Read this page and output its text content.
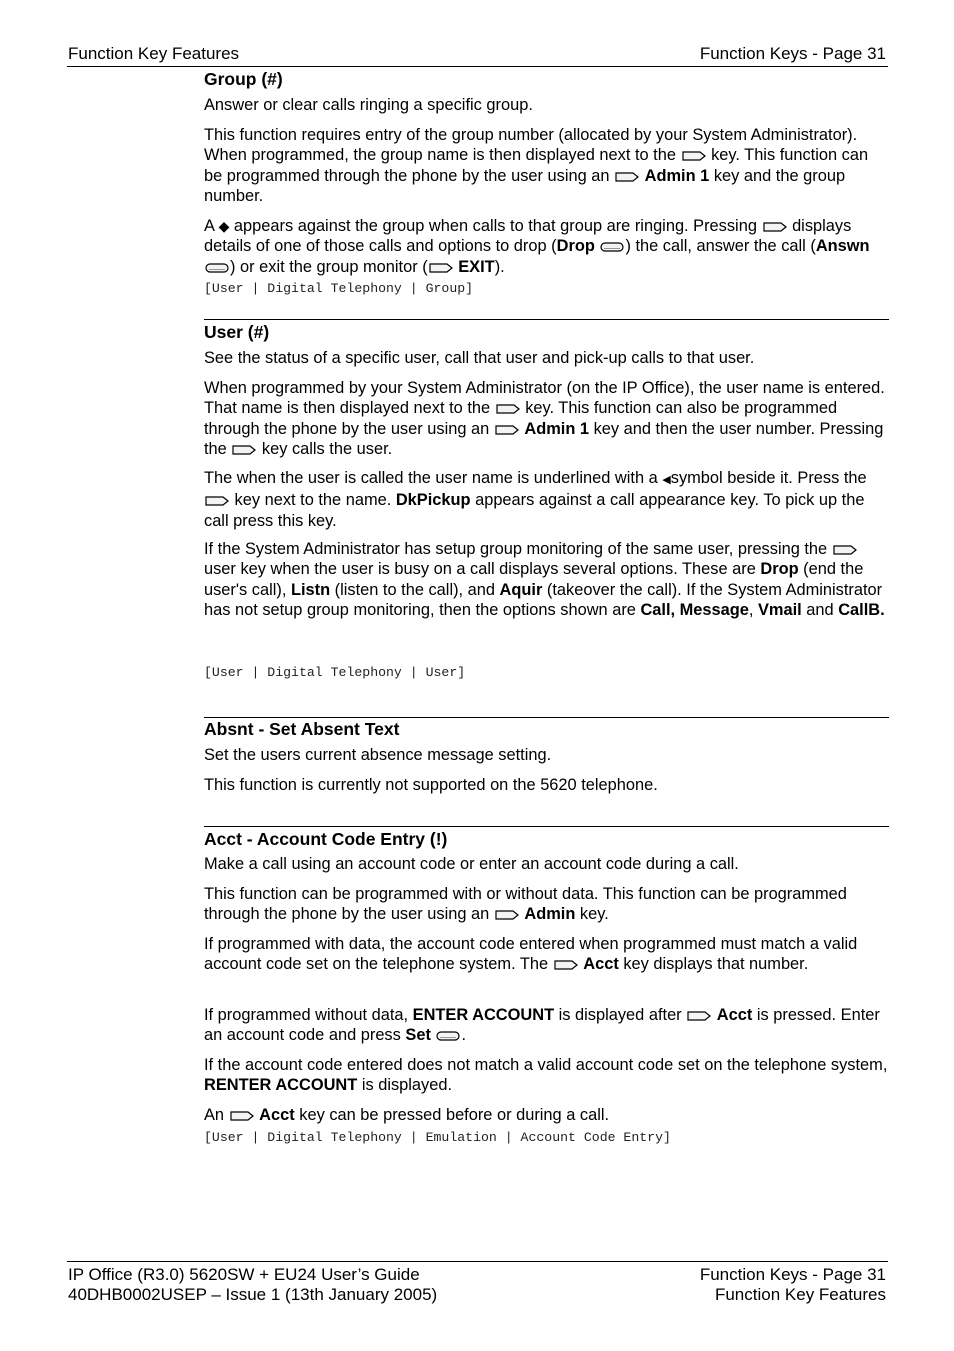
Function Key Features	Function Keys - Page 31
Group (#)
Answer or clear calls ringing a specific group.
This function requires entry of the group number (allocated by your System Administrator). When programmed, the group name is then displayed next to the
key. This function can be programmed through the phone by the user using an
Admin 1 key and the group number.
A ◆ appears against the group when calls to that group are ringing. Pressing
displays details of one of those calls and options to drop (Drop ) the call, answer the call (Answn
) or exit the group monitor ( EXIT).
[User | Digital Telephony | Group]
User (#)
See the status of a specific user, call that user and pick-up calls to that user.
When programmed by your System Administrator (on the IP Office), the user name is entered. That name is then displayed next to the
key. This function can also be programmed through the phone by the user using an
Admin 1 key and then the user number. Pressing the
key calls the user.
The when the user is called the user name is underlined with a ◀symbol beside it. Press the
key next to the name. DkPickup appears against a call appearance key. To pick up the call press this key.
If the System Administrator has setup group monitoring of the same user, pressing the
user key when the user is busy on a call displays several options. These are Drop (end the user's call), Listn (listen to the call), and Aquir (takeover the call). If the System Administrator has not setup group monitoring, then the options shown are Call, Message, Vmail and CallB.
[User | Digital Telephony | User]
Absnt - Set Absent Text
Set the users current absence message setting.
This function is currently not supported on the 5620 telephone.
Acct - Account Code Entry (!)
Make a call using an account code or enter an account code during a call.
This function can be programmed with or without data. This function can be programmed through the phone by the user using an
Admin key.
If programmed with data, the account code entered when programmed must match a valid account code set on the telephone system. The
Acct key displays that number.
If programmed without data, ENTER ACCOUNT is displayed after
Acct is pressed. Enter an account code and press Set .
If the account code entered does not match a valid account code set on the telephone system, RENTER ACCOUNT is displayed.
An
Acct key can be pressed before or during a call.
[User | Digital Telephony | Emulation | Account Code Entry]
IP Office (R3.0) 5620SW + EU24 User’s Guide
40DHB0002USEP – Issue 1 (13th January 2005)
Function Keys - Page 31
Function Key Features
